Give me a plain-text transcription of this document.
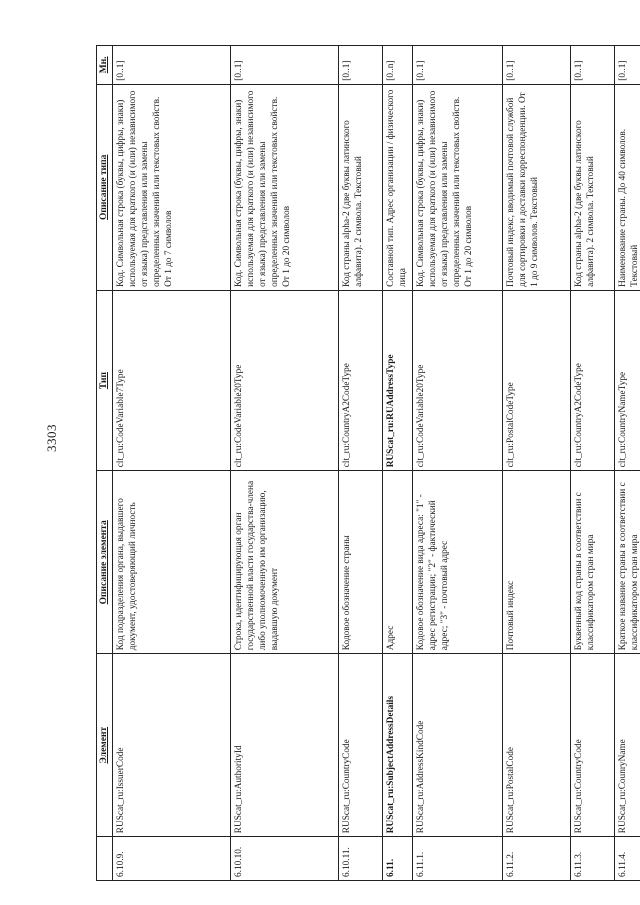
3303
	Элемент	Описание элемента	Тип	Описание типа	Мн.
6.10.9.	RUScat_ru:IssuerCode	Код подразделения органа, выдавшего документ, удостоверяющий личность	clt_ru:CodeVariable7Type	Код. Символьная строка (буквы, цифры, знаки) используемая для краткого (и (или) независимого от языка) представления или замены определенных значений или текстовых свойств. От 1 до 7 символов	[0..1]
6.10.10.	RUScat_ru:AuthorityId	Строка, идентифицирующая орган государственной власти государства-члена либо уполномоченную им организацию, выдавшую документ	clt_ru:CodeVariable20Type	Код. Символьная строка (буквы, цифры, знаки) используемая для краткого (и (или) независимого от языка) представления или замены определенных значений или текстовых свойств. От 1 до 20 символов	[0..1]
6.10.11.	RUScat_ru:CountryCode	Кодовое обозначение страны	clt_ru:CountryA2CodeType	Код страны alpha-2 (две буквы латинского алфавита). 2 символа. Текстовый	[0..1]
6.11.	RUScat_ru:SubjectAddressDetails	Адрес	RUScat_ru:RUAddressType	Составной тип. Адрес организации / физического лица	[0..n]
6.11.1.	RUScat_ru:AddressKindCode	Кодовое обозначение вида адреса: "1" - адрес регистрации; "2" - фактический адрес; "3" - почтовый адрес	clt_ru:CodeVariable20Type	Код. Символьная строка (буквы, цифры, знаки) используемая для краткого (и (или) независимого от языка) представления или замены определенных значений или текстовых свойств. От 1 до 20 символов	[0..1]
6.11.2.	RUScat_ru:PostalCode	Почтовый индекс	clt_ru:PostalCodeType	Почтовый индекс, вводимый почтовой службой для сортировки и доставки корреспонденции. От 1 до 9 символов. Текстовый	[0..1]
6.11.3.	RUScat_ru:CountryCode	Буквенный код страны в соответствии с классификатором стран мира	clt_ru:CountryA2CodeType	Код страны alpha-2 (две буквы латинского алфавита). 2 символа. Текстовый	[0..1]
6.11.4.	RUScat_ru:CounryName	Краткое название страны в соответствии с классификатором стран мира	clt_ru:CountryNameType	Наименование страны. До 40 символов. Текстовый	[0..1]
